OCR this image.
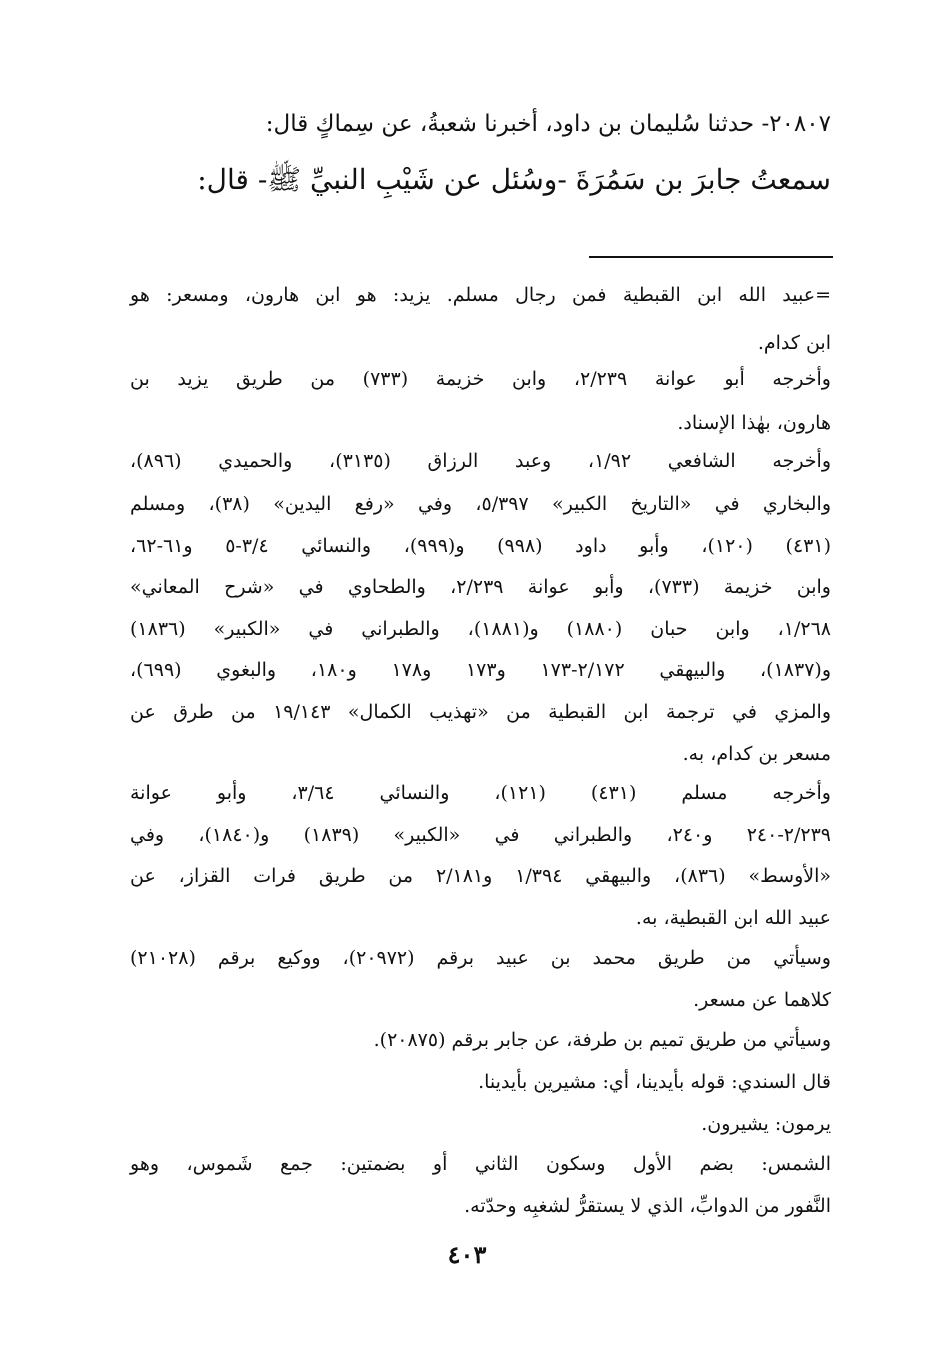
٢٠٨٠٧- حدثنا سُليمان بن داود، أخبرنا شعبةُ، عن سِماكٍ قال:
سمعتُ جابرَ بن سَمُرَةَ -وسُئل عن شَيْبِ النبيِّ ﷺ- قال:
=عبيد الله ابن القبطية فمن رجال مسلم. يزيد: هو ابن هارون، ومسعر: هو
ابن كدام.
وأخرجه أبو عوانة ٢/٢٣٩، وابن خزيمة (٧٣٣) من طريق يزيد بن
هارون، بهٰذا الإسناد.
وأخرجه الشافعي ١/٩٢، وعبد الرزاق (٣١٣٥)، والحميدي (٨٩٦)،
والبخاري في «التاريخ الكبير» ٥/٣٩٧، وفي «رفع اليدين» (٣٨)، ومسلم
(٤٣١) (١٢٠)، وأبو داود (٩٩٨) و(٩٩٩)، والنسائي ٣/٤-٥ و٦١-٦٢،
وابن خزيمة (٧٣٣)، وأبو عوانة ٢/٢٣٩، والطحاوي في «شرح المعاني»
١/٢٦٨، وابن حبان (١٨٨٠) و(١٨٨١)، والطبراني في «الكبير» (١٨٣٦)
و(١٨٣٧)، والبيهقي ٢/١٧٢-١٧٣ و١٧٣ و١٧٨ و١٨٠، والبغوي (٦٩٩)،
والمزي في ترجمة ابن القبطية من «تهذيب الكمال» ١٩/١٤٣ من طرق عن
مسعر بن كدام، به.
وأخرجه مسلم (٤٣١) (١٢١)، والنسائي ٣/٦٤، وأبو عوانة
٢/٢٣٩-٢٤٠ و٢٤٠، والطبراني في «الكبير» (١٨٣٩) و(١٨٤٠)، وفي
«الأوسط» (٨٣٦)، والبيهقي ١/٣٩٤ و٢/١٨١ من طريق فرات القزاز، عن
عبيد الله ابن القبطية، به.
وسيأتي من طريق محمد بن عبيد برقم (٢٠٩٧٢)، ووكيع برقم (٢١٠٢٨)
كلاهما عن مسعر.
وسيأتي من طريق تميم بن طرفة، عن جابر برقم (٢٠٨٧٥).
قال السندي: قوله بأيدينا، أي: مشيرين بأيدينا.
يرمون: يشيرون.
الشمس: بضم الأول وسكون الثاني أو بضمتين: جمع شَموس، وهو
النَّفور من الدوابِّ، الذي لا يستقرُّ لشغبِه وحدّته.
٤٠٣
